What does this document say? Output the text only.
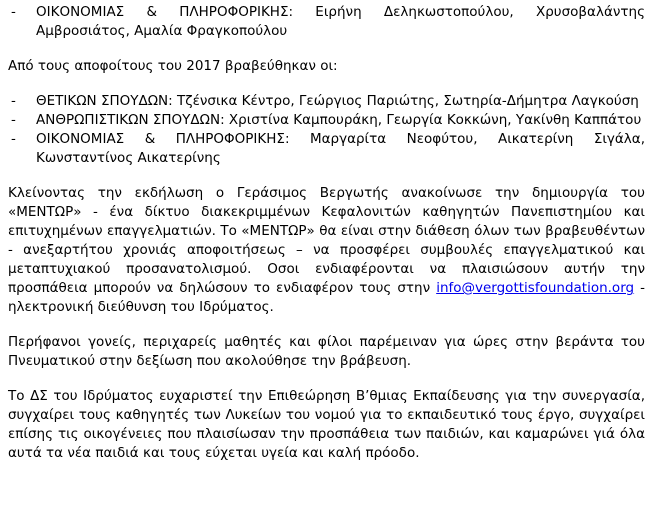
- ΟΙΚΟΝΟΜΙΑΣ & ΠΛΗΡΟΦΟΡΙΚΗΣ: Ειρήνη Δεληκωστοπούλου, Χρυσοβαλάντης Αμβροσιάτος, Αμαλία Φραγκοπούλου

Από τους αποφοίτους του 2017 βραβεύθηκαν οι:

- ΘΕΤΙΚΩΝ ΣΠΟΥΔΩΝ: Τζένσικα Κέντρο, Γεώργιος Παριώτης, Σωτηρία-Δήμητρα Λαγκούση
- ΑΝΘΡΩΠΙΣΤΙΚΩΝ ΣΠΟΥΔΩΝ: Χριστίνα Καμπουράκη, Γεωργία Κοκκώνη, Υακίνθη Καππάτου
- ΟΙΚΟΝΟΜΙΑΣ & ΠΛΗΡΟΦΟΡΙΚΗΣ: Μαργαρίτα Νεοφύτου, Αικατερίνη Σιγάλα, Κωνσταντίνος Αικατερίνης

Κλείνοντας την εκδήλωση ο Γεράσιμος Βεργωτής ανακοίνωσε την δημιουργία του «ΜΕΝΤΩΡ» - ένα δίκτυο διακεκριμμένων Κεφαλονιτών καθηγητών Πανεπιστημίου και επιτυχημένων επαγγελματιών. Το «ΜΕΝΤΩΡ» θα είναι στην διάθεση όλων των βραβευθέντων - ανεξαρτήτου χρονιάς αποφοιτήσεως – να προσφέρει συμβουλές επαγγελματικού και μεταπτυχιακού προσανατολισμού. Οσοι ενδιαφέρονται να πλαισιώσουν αυτήν την προσπάθεια μπορούν να δηλώσουν το ενδιαφέρον τους στην info@vergottisfoundation.org - ηλεκτρονική διεύθυνση του Ιδρύματος.

Περήφανοι γονείς, περιχαρείς μαθητές και φίλοι παρέμειναν για ώρες στην βεράντα του Πνευματικού στην δεξίωση που ακολούθησε την βράβευση.

Το ΔΣ του Ιδρύματος ευχαριστεί την Επιθεώρηση Β’θμιας Εκπαίδευσης για την συνεργασία, συγχαίρει τους καθηγητές των Λυκείων του νομού για το εκπαιδευτικό τους έργο, συγχαίρει επίσης τις οικογένειες που πλαισίωσαν την προσπάθεια των παιδιών, και καμαρώνει γιά όλα αυτά τα νέα παιδιά και τους εύχεται υγεία και καλή πρόοδο.
